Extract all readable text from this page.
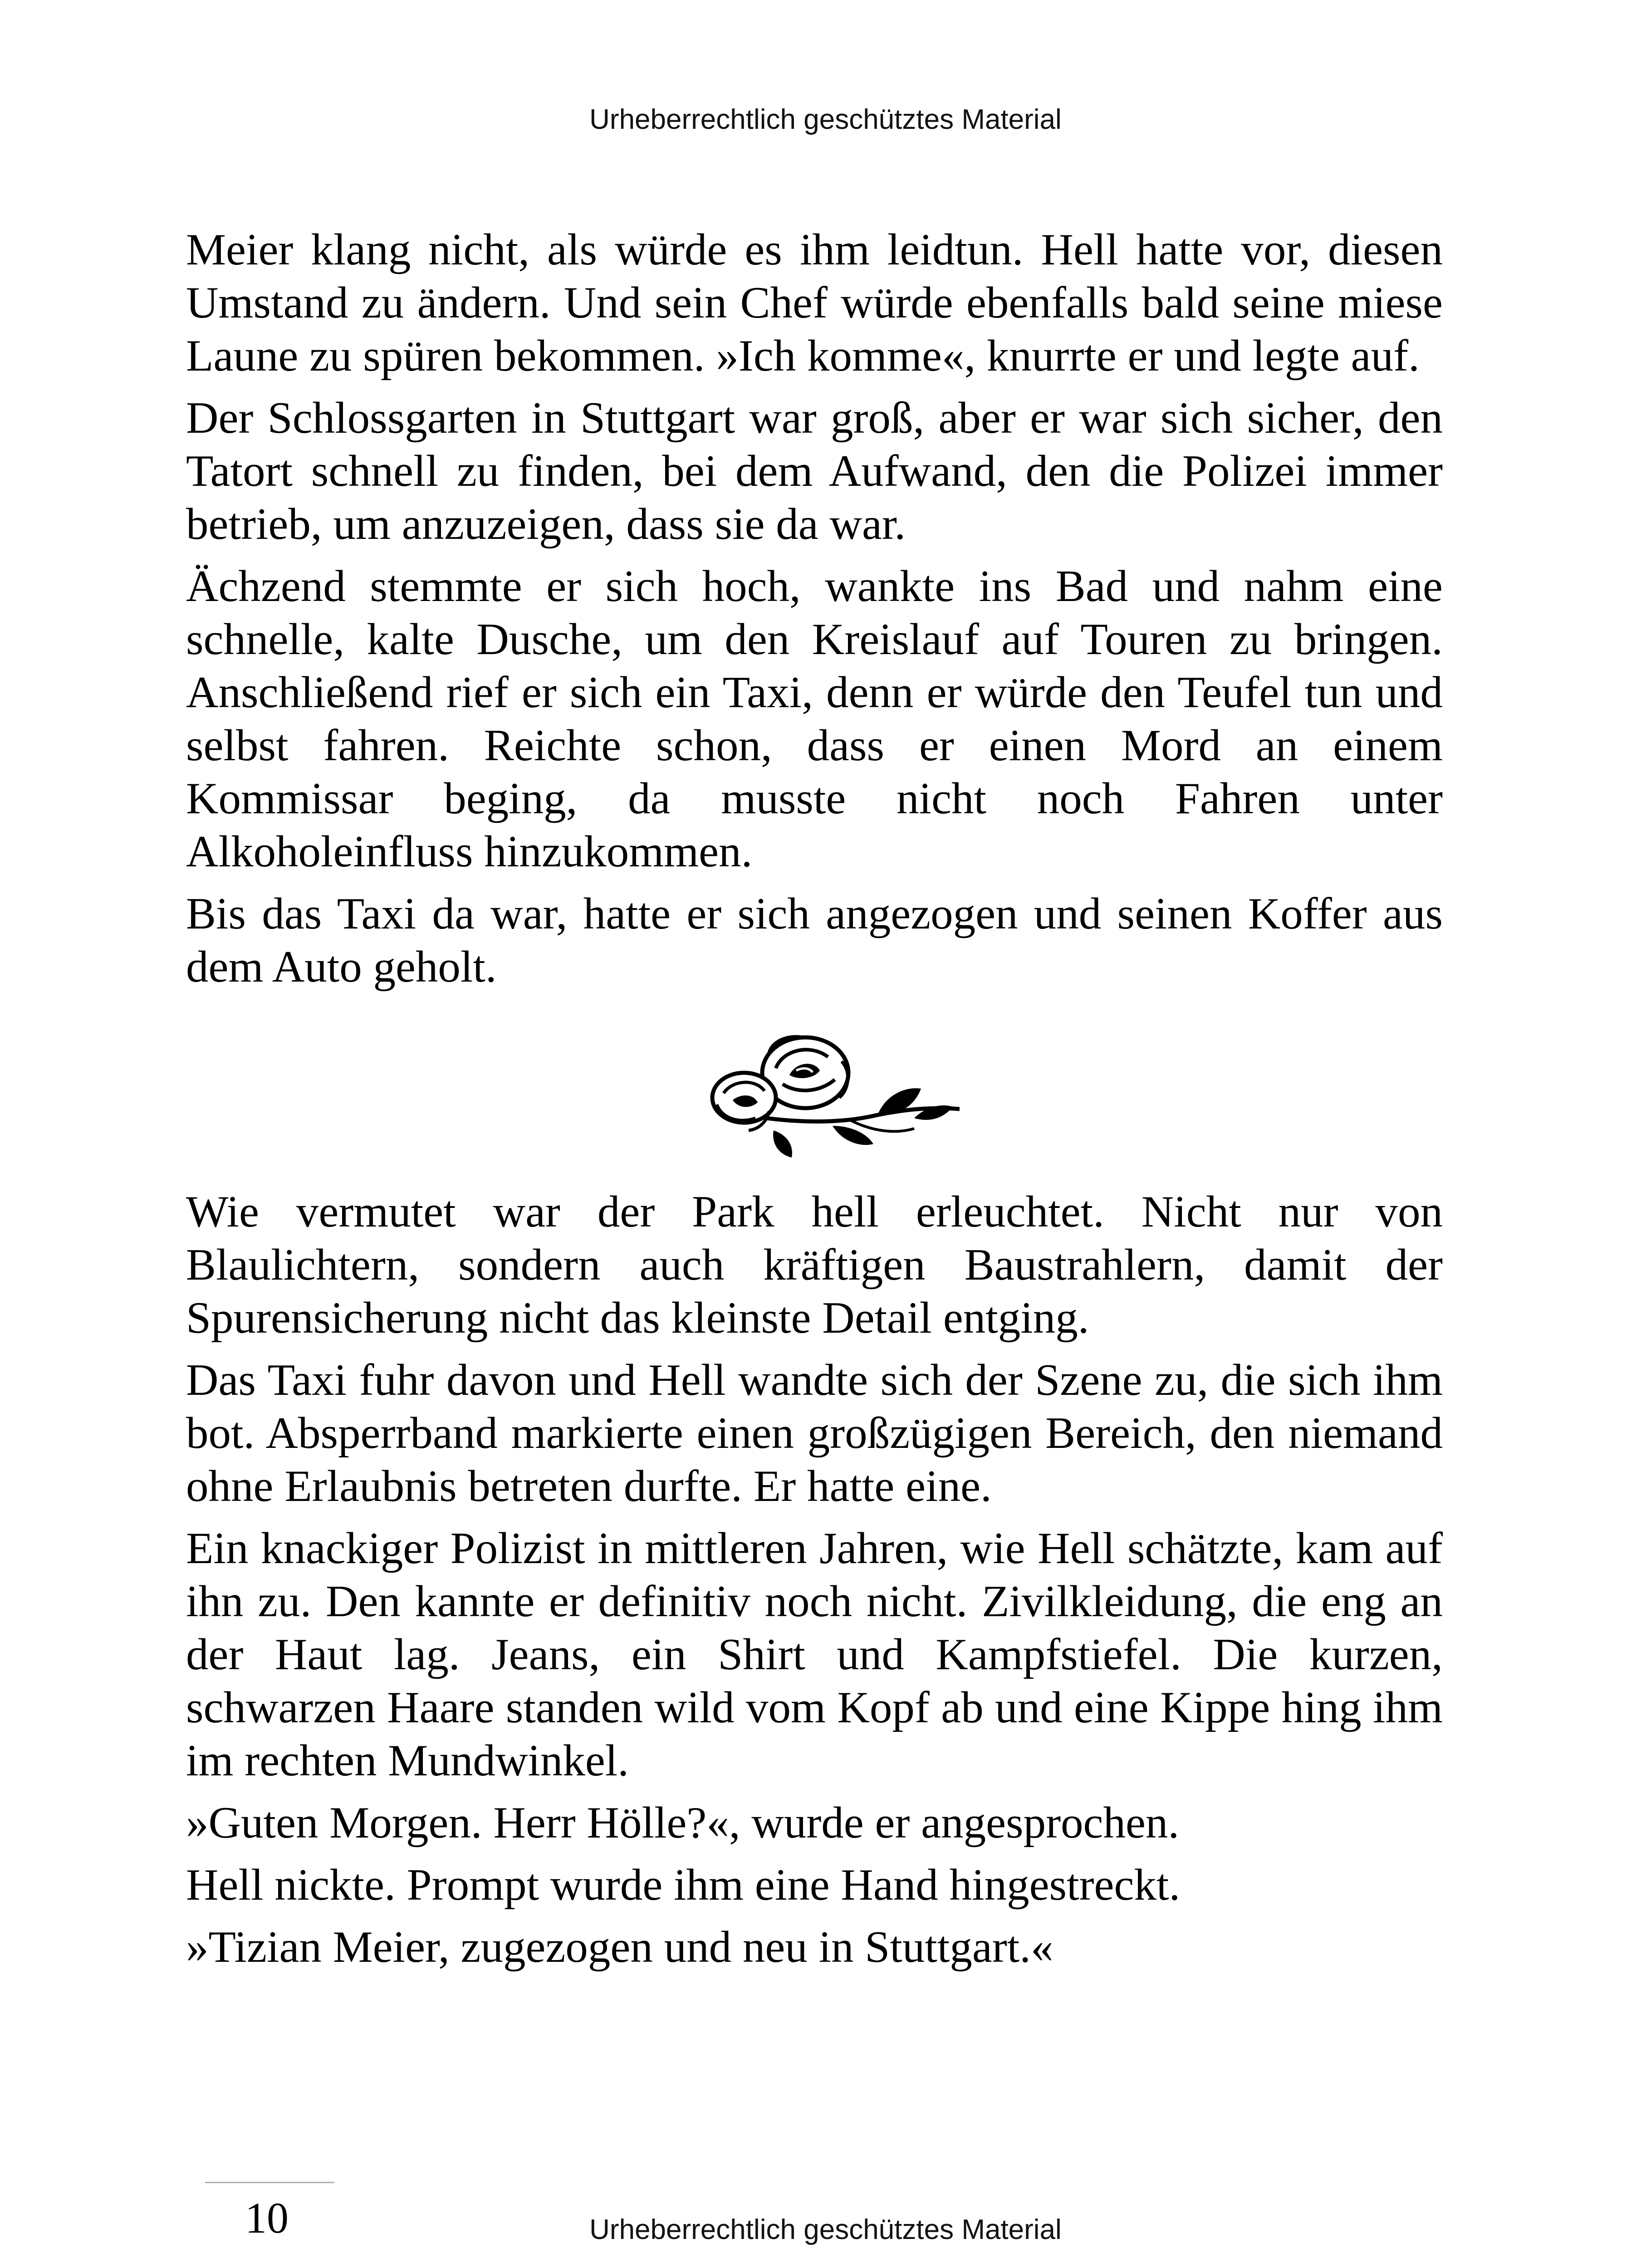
Urheberrechtlich geschütztes Material

Meier klang nicht, als würde es ihm leidtun. Hell hatte vor, diesen Umstand zu ändern. Und sein Chef würde ebenfalls bald seine miese Laune zu spüren bekommen. »Ich komme«, knurrte er und legte auf.

Der Schlossgarten in Stuttgart war groß, aber er war sich sicher, den Tatort schnell zu finden, bei dem Aufwand, den die Polizei immer betrieb, um anzuzeigen, dass sie da war.

Ächzend stemmte er sich hoch, wankte ins Bad und nahm eine schnelle, kalte Dusche, um den Kreislauf auf Touren zu bringen. Anschließend rief er sich ein Taxi, denn er würde den Teufel tun und selbst fahren. Reichte schon, dass er einen Mord an einem Kommissar beging, da musste nicht noch Fahren unter Alkoholeinfluss hinzukommen.

Bis das Taxi da war, hatte er sich angezogen und seinen Koffer aus dem Auto geholt.

Wie vermutet war der Park hell erleuchtet. Nicht nur von Blaulichtern, sondern auch kräftigen Baustrahlern, damit der Spurensicherung nicht das kleinste Detail entging.

Das Taxi fuhr davon und Hell wandte sich der Szene zu, die sich ihm bot. Absperrband markierte einen großzügigen Bereich, den niemand ohne Erlaubnis betreten durfte. Er hatte eine.

Ein knackiger Polizist in mittleren Jahren, wie Hell schätzte, kam auf ihn zu. Den kannte er definitiv noch nicht. Zivilkleidung, die eng an der Haut lag. Jeans, ein Shirt und Kampfstiefel. Die kurzen, schwarzen Haare standen wild vom Kopf ab und eine Kippe hing ihm im rechten Mundwinkel.

»Guten Morgen. Herr Hölle?«, wurde er angesprochen.

Hell nickte. Prompt wurde ihm eine Hand hingestreckt.

»Tizian Meier, zugezogen und neu in Stuttgart.«

10	Urheberrechtlich geschütztes Material
